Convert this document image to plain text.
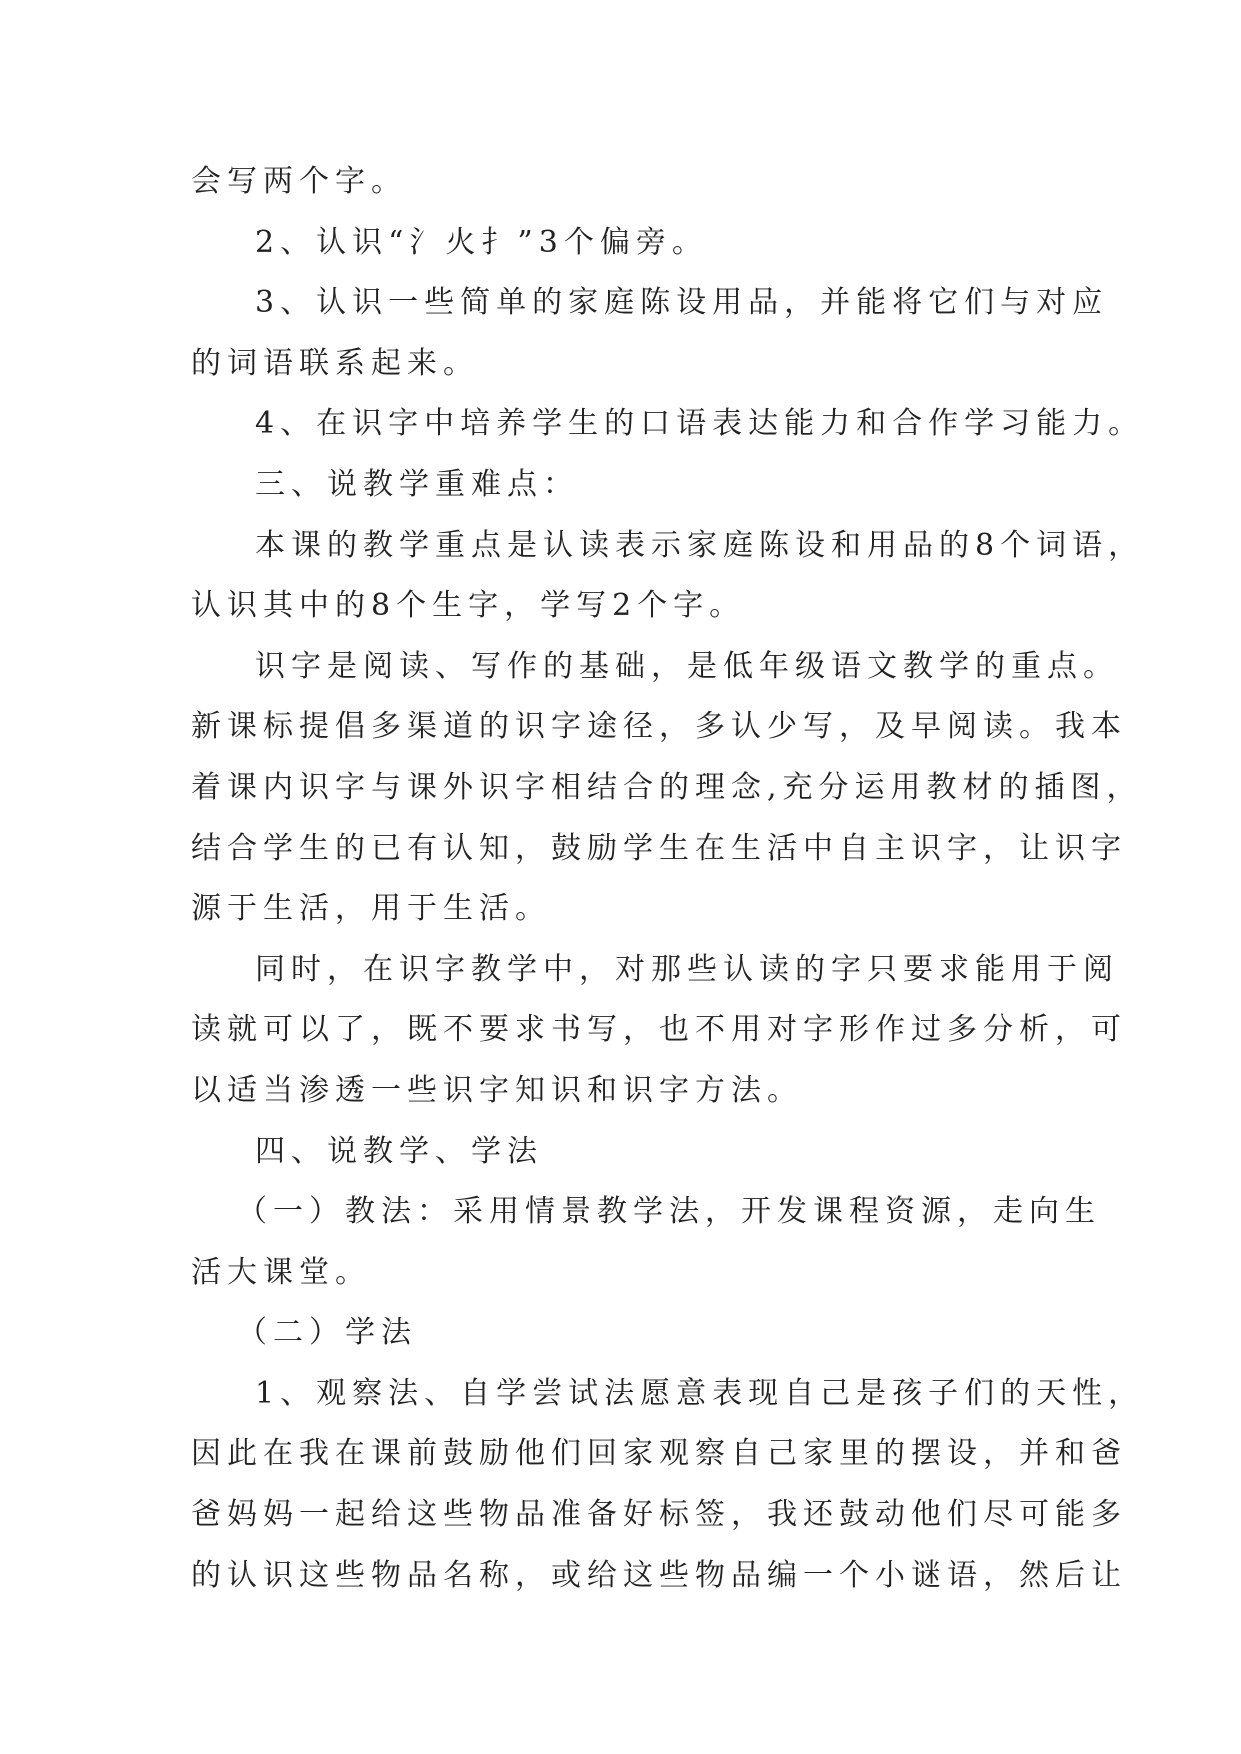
会写两个字。
2、认识“氵火扌”3个偏旁。
3、认识一些简单的家庭陈设用品，并能将它们与对应
的词语联系起来。
4、在识字中培养学生的口语表达能力和合作学习能力。
三、说教学重难点：
本课的教学重点是认读表示家庭陈设和用品的8个词语，
认识其中的8个生字，学写2个字。
识字是阅读、写作的基础，是低年级语文教学的重点。
新课标提倡多渠道的识字途径，多认少写，及早阅读。我本
着课内识字与课外识字相结合的理念,充分运用教材的插图，
结合学生的已有认知，鼓励学生在生活中自主识字，让识字
源于生活，用于生活。
同时，在识字教学中，对那些认读的字只要求能用于阅
读就可以了，既不要求书写，也不用对字形作过多分析，可
以适当渗透一些识字知识和识字方法。
四、说教学、学法
（一）教法：采用情景教学法，开发课程资源，走向生
活大课堂。
（二）学法
1、观察法、自学尝试法愿意表现自己是孩子们的天性，
因此在我在课前鼓励他们回家观察自己家里的摆设，并和爸
爸妈妈一起给这些物品准备好标签，我还鼓动他们尽可能多
的认识这些物品名称，或给这些物品编一个小谜语，然后让
